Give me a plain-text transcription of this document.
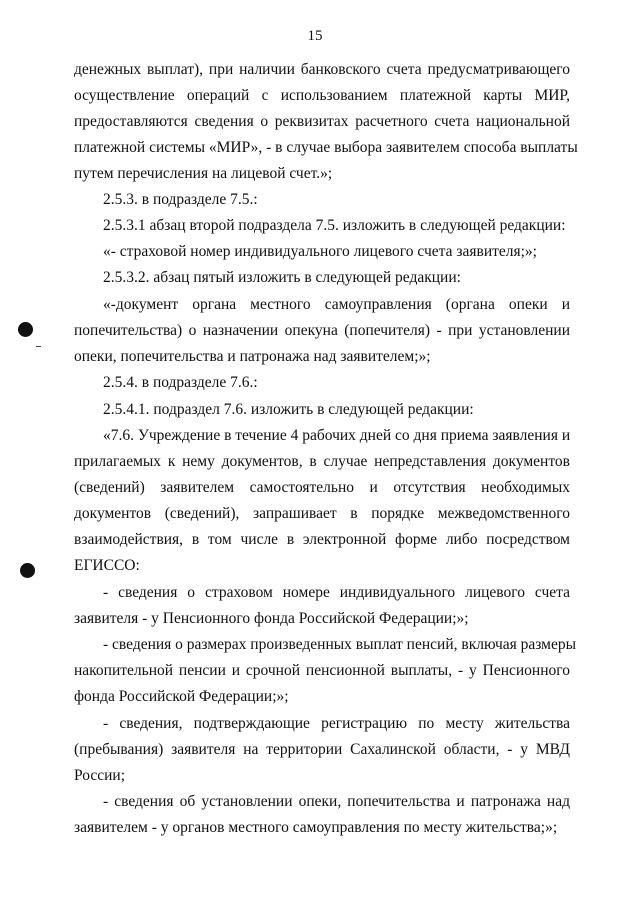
15
денежных выплат), при наличии банковского счета предусматривающего
осуществление операций с использованием платежной карты МИР,
предоставляются сведения о реквизитах расчетного счета национальной
платежной системы «МИР», - в случае выбора заявителем способа выплаты
путем перечисления на лицевой счет.»;
2.5.3. в подразделе 7.5.:
2.5.3.1 абзац второй подраздела 7.5. изложить в следующей редакции:
«- страховой номер индивидуального лицевого счета заявителя;»;
2.5.3.2. абзац пятый изложить в следующей редакции:
«-документ органа местного самоуправления (органа опеки и
попечительства) о назначении опекуна (попечителя) - при установлении
опеки, попечительства и патронажа над заявителем;»;
2.5.4. в подразделе 7.6.:
2.5.4.1. подраздел 7.6. изложить в следующей редакции:
«7.6. Учреждение в течение 4 рабочих дней со дня приема заявления и
прилагаемых к нему документов, в случае непредставления документов
(сведений) заявителем самостоятельно и отсутствия необходимых
документов (сведений), запрашивает в порядке межведомственного
взаимодействия, в том числе в электронной форме либо посредством
ЕГИССО:
- сведения о страховом номере индивидуального лицевого счета
заявителя - у Пенсионного фонда Российской Федерации;»;
- сведения о размерах произведенных выплат пенсий, включая размеры
накопительной пенсии и срочной пенсионной выплаты, - у Пенсионного
фонда Российской Федерации;»;
- сведения, подтверждающие регистрацию по месту жительства
(пребывания) заявителя на территории Сахалинской области, - у МВД
России;
- сведения об установлении опеки, попечительства и патронажа над
заявителем - у органов местного самоуправления по месту жительства;»;
